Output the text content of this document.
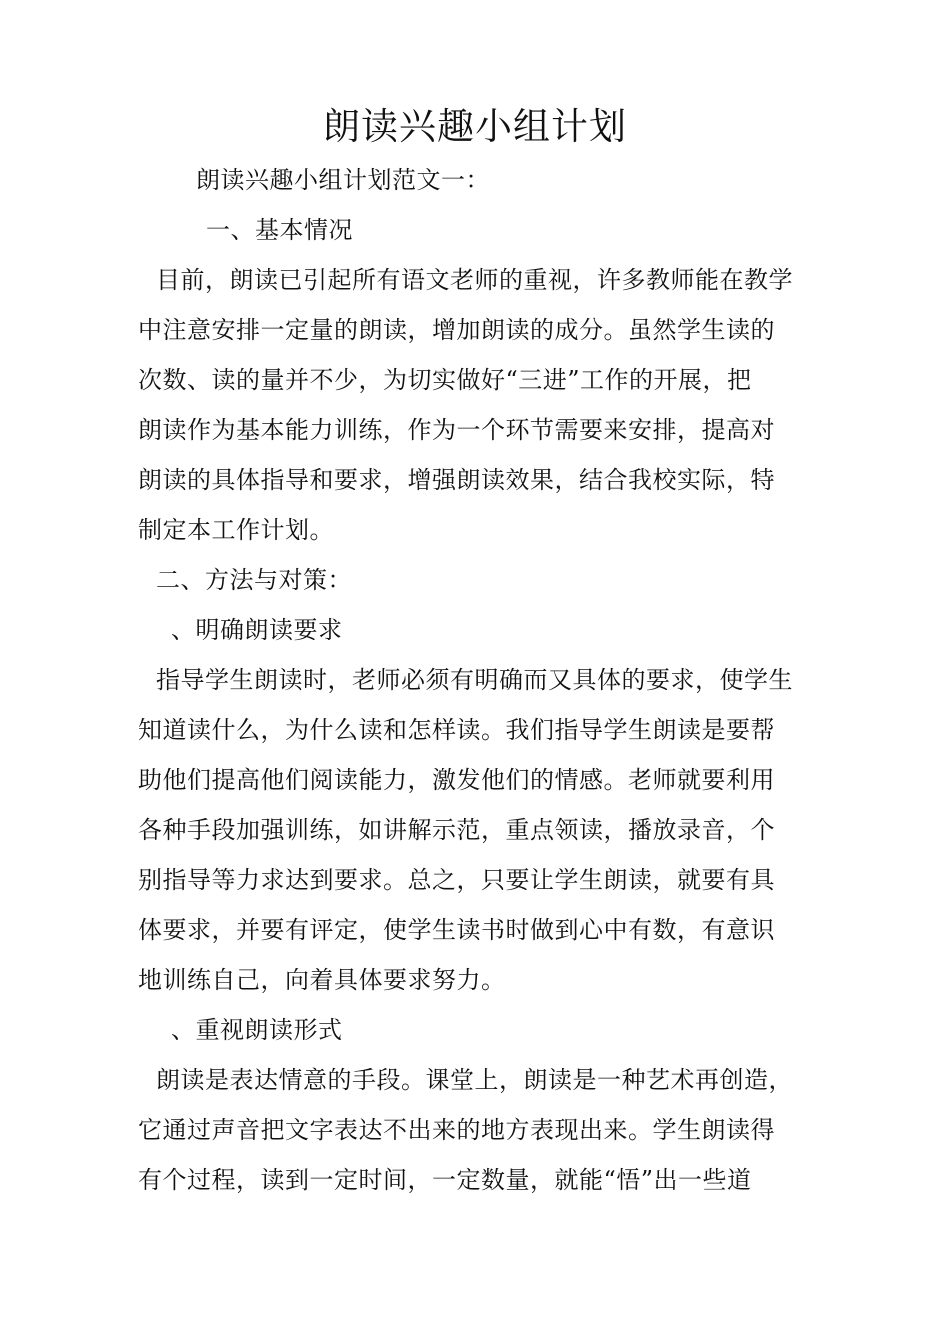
朗读兴趣小组计划
朗读兴趣小组计划范文一：
一、基本情况
目前，朗读已引起所有语文老师的重视，许多教师能在教学
中注意安排一定量的朗读，增加朗读的成分。虽然学生读的
次数、读的量并不少，为切实做好“三进”工作的开展，把
朗读作为基本能力训练，作为一个环节需要来安排，提高对
朗读的具体指导和要求，增强朗读效果，结合我校实际，特
制定本工作计划。
二、方法与对策：
、明确朗读要求
指导学生朗读时，老师必须有明确而又具体的要求，使学生
知道读什么，为什么读和怎样读。我们指导学生朗读是要帮
助他们提高他们阅读能力，激发他们的情感。老师就要利用
各种手段加强训练，如讲解示范，重点领读，播放录音，个
别指导等力求达到要求。总之，只要让学生朗读，就要有具
体要求，并要有评定，使学生读书时做到心中有数，有意识
地训练自己，向着具体要求努力。
、重视朗读形式
朗读是表达情意的手段。课堂上，朗读是一种艺术再创造，
它通过声音把文字表达不出来的地方表现出来。学生朗读得
有个过程，读到一定时间，一定数量，就能“悟”出一些道
